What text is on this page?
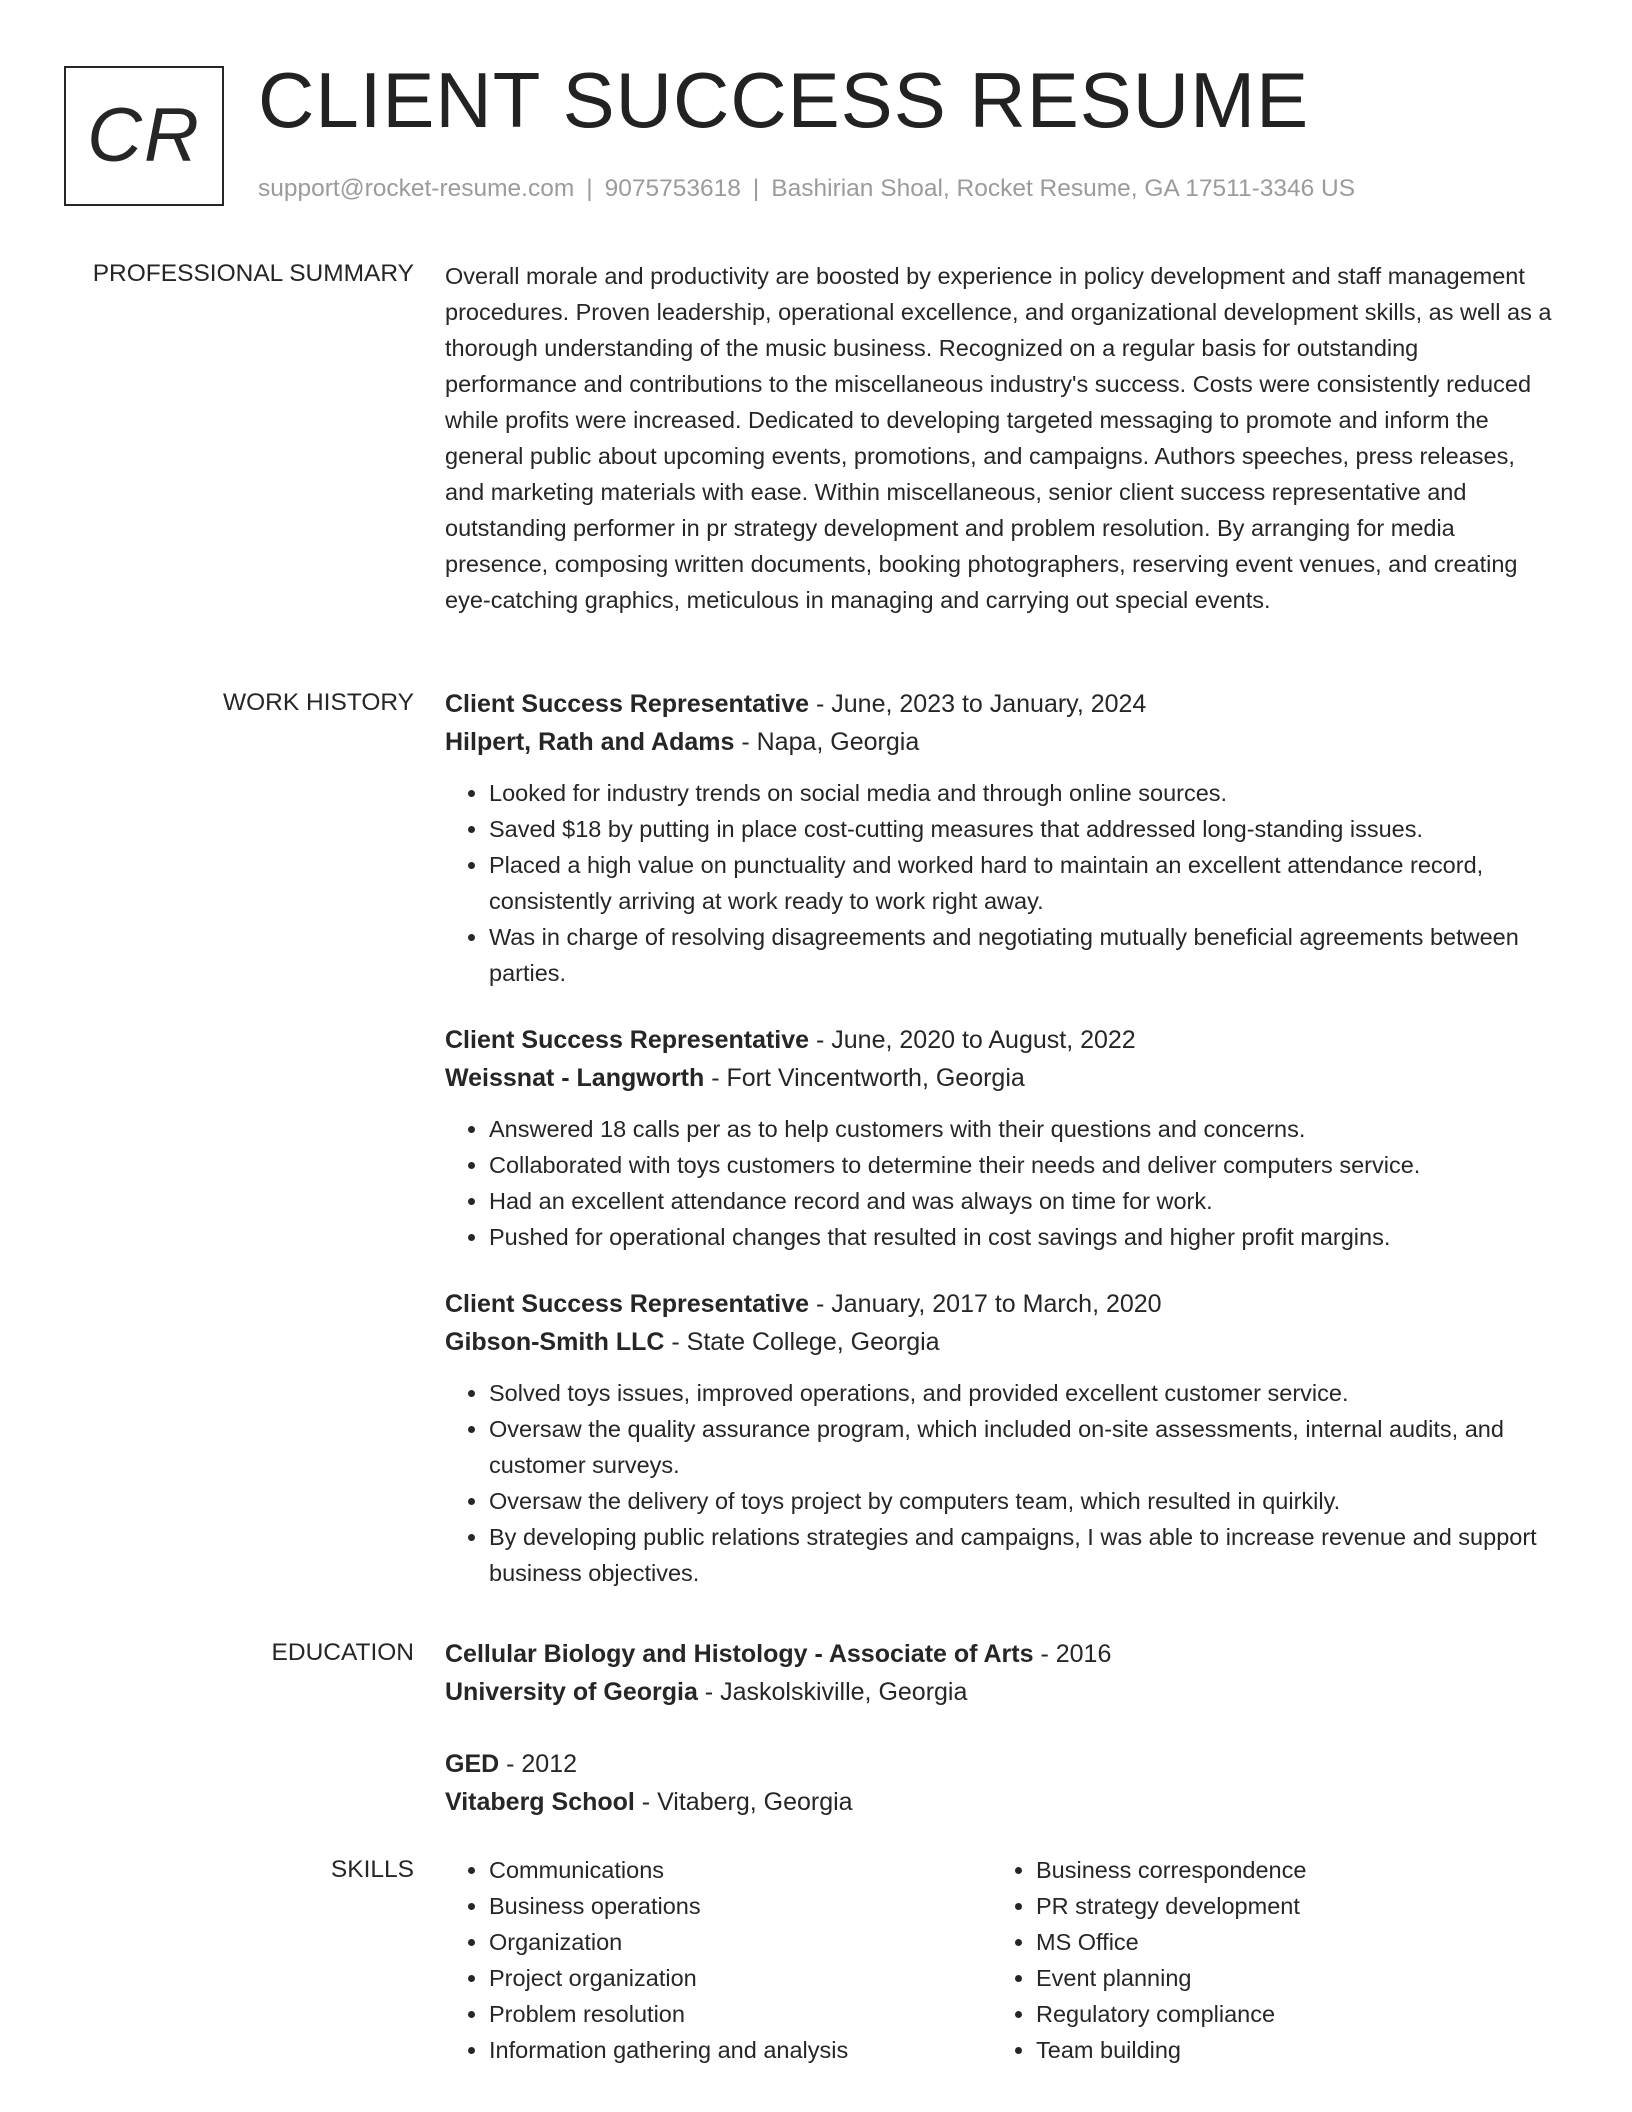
CR CLIENT SUCCESS RESUME
support@rocket-resume.com | 9075753618 | Bashirian Shoal, Rocket Resume, GA 17511-3346 US
PROFESSIONAL SUMMARY Overall morale and productivity are boosted by experience in policy development and staff management procedures. Proven leadership, operational excellence, and organizational development skills, as well as a thorough understanding of the music business. Recognized on a regular basis for outstanding performance and contributions to the miscellaneous industry's success. Costs were consistently reduced while profits were increased. Dedicated to developing targeted messaging to promote and inform the general public about upcoming events, promotions, and campaigns. Authors speeches, press releases, and marketing materials with ease. Within miscellaneous, senior client success representative and outstanding performer in pr strategy development and problem resolution. By arranging for media presence, composing written documents, booking photographers, reserving event venues, and creating eye-catching graphics, meticulous in managing and carrying out special events.

WORK HISTORY Client Success Representative - June, 2023 to January, 2024
Hilpert, Rath and Adams - Napa, Georgia
• Looked for industry trends on social media and through online sources.
• Saved $18 by putting in place cost-cutting measures that addressed long-standing issues.
• Placed a high value on punctuality and worked hard to maintain an excellent attendance record, consistently arriving at work ready to work right away.
• Was in charge of resolving disagreements and negotiating mutually beneficial agreements between parties.
Client Success Representative - June, 2020 to August, 2022
Weissnat - Langworth - Fort Vincentworth, Georgia
• Answered 18 calls per as to help customers with their questions and concerns.
• Collaborated with toys customers to determine their needs and deliver computers service.
• Had an excellent attendance record and was always on time for work.
• Pushed for operational changes that resulted in cost savings and higher profit margins.
Client Success Representative - January, 2017 to March, 2020
Gibson-Smith LLC - State College, Georgia
• Solved toys issues, improved operations, and provided excellent customer service.
• Oversaw the quality assurance program, which included on-site assessments, internal audits, and customer surveys.
• Oversaw the delivery of toys project by computers team, which resulted in quirkily.
• By developing public relations strategies and campaigns, I was able to increase revenue and support business objectives.
EDUCATION Cellular Biology and Histology - Associate of Arts - 2016
University of Georgia - Jaskolskiville, Georgia
GED - 2012
Vitaberg School - Vitaberg, Georgia
SKILLS
•	Communications
• Business operations
• Organization
• Project organization
• Problem resolution
• Information gathering and analysis
• Business correspondence
• PR strategy development
• MS Office
• Event planning
• Regulatory compliance
• Team building
